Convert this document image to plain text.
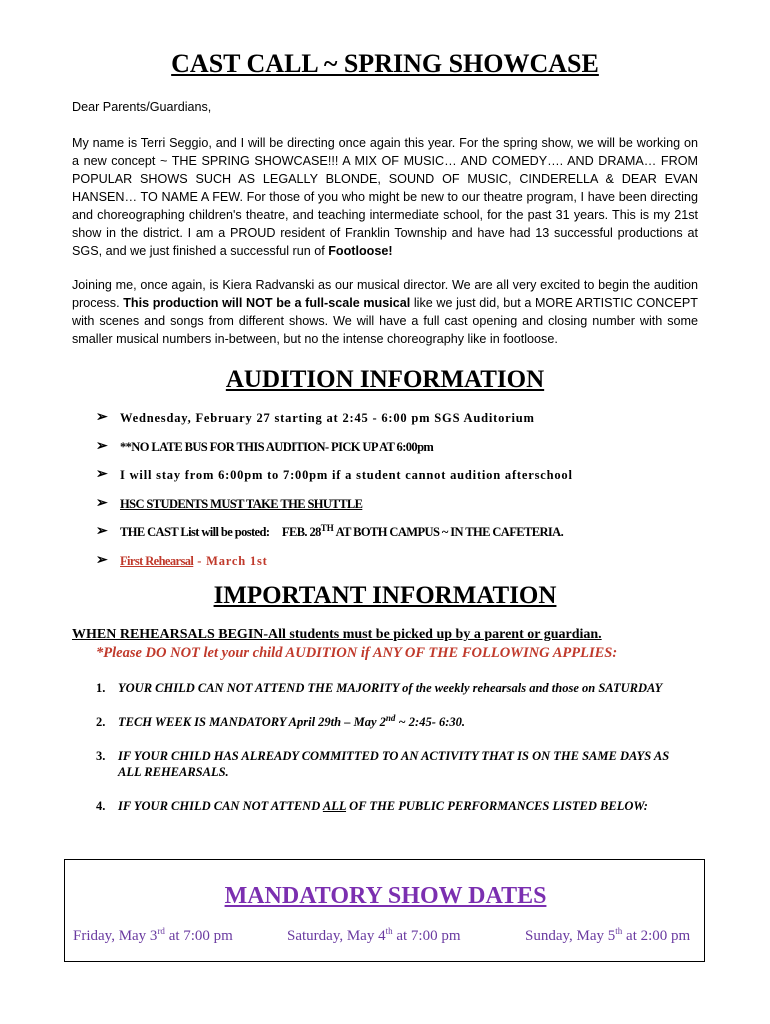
CAST CALL ~ SPRING SHOWCASE
Dear Parents/Guardians,
My name is Terri Seggio, and I will be directing once again this year. For the spring show, we will be working on a new concept ~ THE SPRING SHOWCASE!!! A MIX OF MUSIC… AND COMEDY…. AND DRAMA… FROM POPULAR SHOWS SUCH AS LEGALLY BLONDE, SOUND OF MUSIC, CINDERELLA & DEAR EVAN HANSEN… TO NAME A FEW. For those of you who might be new to our theatre program, I have been directing and choreographing children's theatre, and teaching intermediate school, for the past 31 years. This is my 21st show in the district. I am a PROUD resident of Franklin Township and have had 13 successful productions at SGS, and we just finished a successful run of Footloose!
Joining me, once again, is Kiera Radvanski as our musical director. We are all very excited to begin the audition process. This production will NOT be a full-scale musical like we just did, but a MORE ARTISTIC CONCEPT with scenes and songs from different shows. We will have a full cast opening and closing number with some smaller musical numbers in-between, but no the intense choreography like in footloose.
AUDITION INFORMATION
➢ Wednesday, February 27 starting at 2:45 - 6:00 pm SGS Auditorium
➢ **NO LATE BUS FOR THIS AUDITION- PICK UP AT 6:00pm
➢ I will stay from 6:00pm to 7:00pm if a student cannot audition afterschool
➢ HSC STUDENTS MUST TAKE THE SHUTTLE
➢ THE CAST List will be posted: FEB. 28TH AT BOTH CAMPUS ~ IN THE CAFETERIA.
➢ First Rehearsal - March 1st
IMPORTANT INFORMATION
WHEN REHEARSALS BEGIN-All students must be picked up by a parent or guardian.
*Please DO NOT let your child AUDITION if ANY OF THE FOLLOWING APPLIES:
1.	YOUR CHILD CAN NOT ATTEND THE MAJORITY of the weekly rehearsals and those on SATURDAY
2.	TECH WEEK IS MANDATORY April 29th – May 2nd ~ 2:45- 6:30.
3.	IF YOUR CHILD HAS ALREADY COMMITTED TO AN ACTIVITY THAT IS ON THE SAME DAYS AS ALL REHEARSALS.
4.	IF YOUR CHILD CAN NOT ATTEND ALL OF THE PUBLIC PERFORMANCES LISTED BELOW:
MANDATORY SHOW DATES
Friday, May 3rd at 7:00 pm	Saturday, May 4th at 7:00 pm	Sunday, May 5th at 2:00 pm
